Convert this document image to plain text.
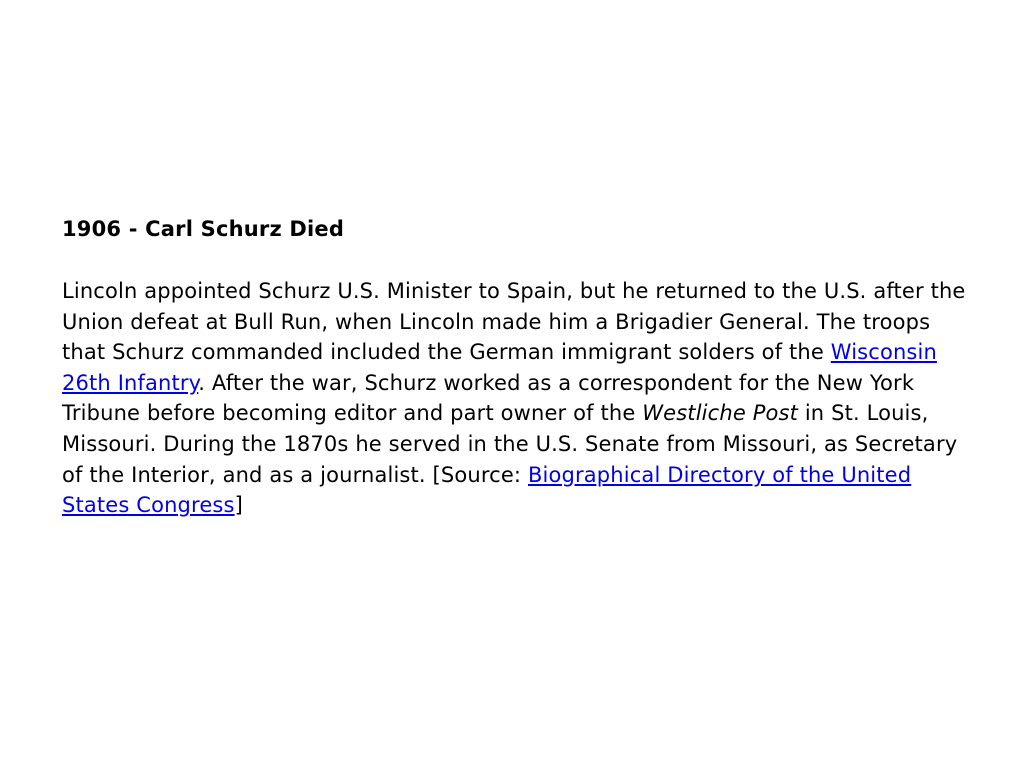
1906 - Carl Schurz Died

Lincoln appointed Schurz U.S. Minister to Spain, but he returned to the U.S. after the Union defeat at Bull Run, when Lincoln made him a Brigadier General. The troops that Schurz commanded included the German immigrant solders of the Wisconsin 26th Infantry. After the war, Schurz worked as a correspondent for the New York Tribune before becoming editor and part owner of the Westliche Post in St. Louis, Missouri. During the 1870s he served in the U.S. Senate from Missouri, as Secretary of the Interior, and as a journalist. [Source: Biographical Directory of the United States Congress]
